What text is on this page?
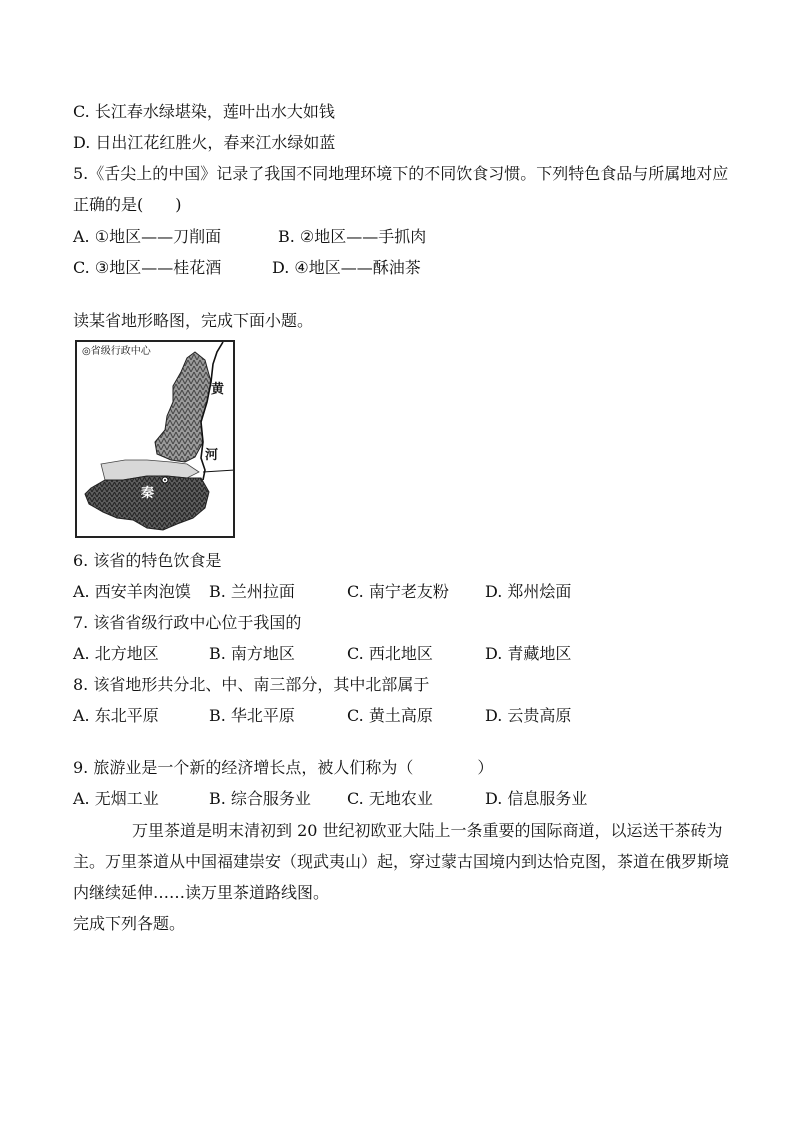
C. 长江春水绿堪染，莲叶出水大如钱
D. 日出江花红胜火，春来江水绿如蓝
5.《舌尖上的中国》记录了我国不同地理环境下的不同饮食习惯。下列特色食品与所属地对应
正确的是(　　)
A. ①地区——刀削面	B. ②地区——手抓肉
C. ③地区——桂花酒	D. ④地区——酥油茶
读某省地形略图，完成下面小题。
◎省级行政中心
黄
河
秦
6. 该省的特色饮食是
A. 西安羊肉泡馍 B. 兰州拉面	C. 南宁老友粉 D. 郑州烩面
7. 该省省级行政中心位于我国的
A. 北方地区	B. 南方地区	C. 西北地区	D. 青藏地区
8. 该省地形共分北、中、南三部分，其中北部属于
A. 东北平原	B. 华北平原	C. 黄土高原	D. 云贵高原
9. 旅游业是一个新的经济增长点，被人们称为（　　　　）
A. 无烟工业	B. 综合服务业 C. 无地农业	D. 信息服务业
万里茶道是明末清初到 20 世纪初欧亚大陆上一条重要的国际商道，以运送干茶砖为
主。万里茶道从中国福建崇安（现武夷山）起，穿过蒙古国境内到达恰克图，茶道在俄罗斯境
内继续延伸……读万里茶道路线图。
完成下列各题。
